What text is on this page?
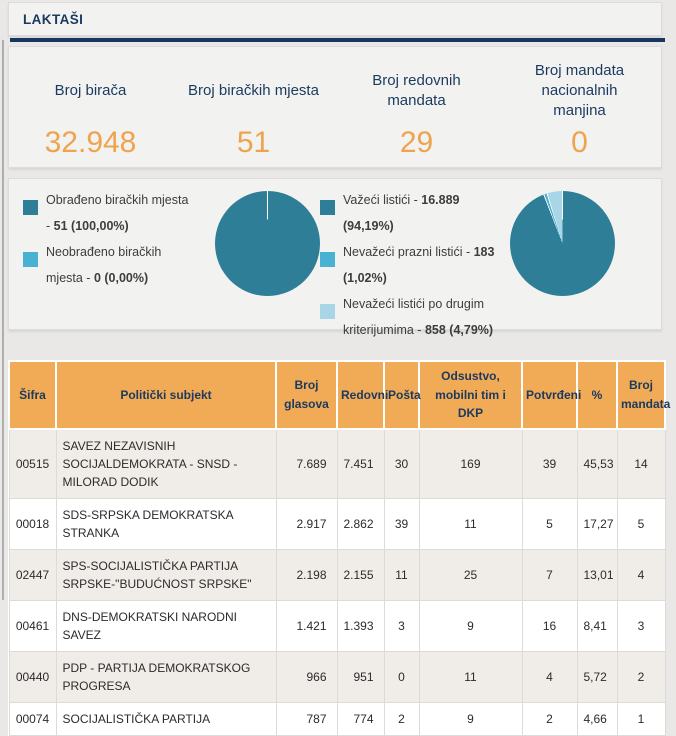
LAKTAŠI
Broj birača
32.948
Broj biračkih mjesta
51
Broj redovnih mandata
29
Broj mandata nacionalnih manjina
0
Obrađeno biračkih mjesta - 51 (100,00%)
Neobrađeno biračkih mjesta - 0 (0,00%)
Važeći listići - 16.889 (94,19%)
Nevažeći prazni listići - 183 (1,02%)
Nevažeći listići po drugim kriterijumima - 858 (4,79%)
Šifra	Politički subjekt	Broj glasova	Redovni	Pošta	Odsustvo, mobilni tim i DKP	Potvrđeni	%	Broj mandata
00515	SAVEZ NEZAVISNIH SOCIJALDEMOKRATA - SNSD - MILORAD DODIK	7.689	7.451	30	169	39	45,53	14
00018	SDS-SRPSKA DEMOKRATSKA STRANKA	2.917	2.862	39	11	5	17,27	5
02447	SPS-SOCIJALISTIČKA PARTIJA SRPSKE-"BUDUĆNOST SRPSKE"	2.198	2.155	11	25	7	13,01	4
00461	DNS-DEMOKRATSKI NARODNI SAVEZ	1.421	1.393	3	9	16	8,41	3
00440	PDP - PARTIJA DEMOKRATSKOG PROGRESA	966	951	0	11	4	5,72	2
00074	SOCIJALISTIČKA PARTIJA	787	774	2	9	2	4,66	1
